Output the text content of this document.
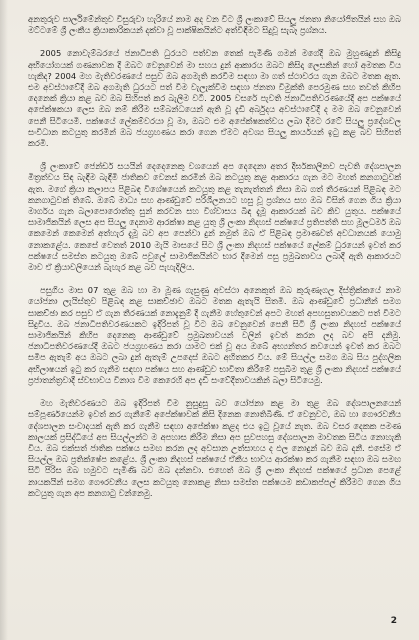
අනතුරුව පාර්ලිමේන්තුව විසුරුවා හැරියේ නාම අද වන විට ශ්‍රී ලංකාවේ සියලු ජනතා නියෝජිතයින් සහ ඔබ මට්ටමේ ශ්‍රී ලංකීය ක්‍රියාකාරිකයන් දක්වා වූ පාක්ෂිකයින්ට අත්විඳීමට සිදුවූ සැබෑ ප්‍රශ්නය.

2005 නොවැම්බරයේ ජනාධිපති ධුරයට පත්වන තෙක් පැමිණි ගමන් මගේදී ඔබ මුහුණදුන් කිසිදු අභියෝගයක් ගණනාවක දී ඔබට වෙනුවෙන් මා සහය දුන් ආකාරය ඔබට කිසිදා ලෙසකින් හෝ අමතක විය හැකිද? 2004 මහ මැතිවරණයේ පසුව ඔබ අගමැති කරවීම සඳහා මා ගත් ස්ථාවරය ගැන ඔබට මතක ඇත. එම අවස්ථාවේදී ඔබ අගමැති ධුරයට පත් විම වැලැක්වීම සඳහා ජනතා විමුක්ති පෙරමුණ සහ තවත් කිහිප දෙනෙක් ක්‍රියා කළ බව ඔබ සිහිපත් කර බැලීම වටී. 2005 වසරේ පැවති ජනාධිපතිවරණයේදී අප පක්ෂයේ අපේක්ෂකයා ලෙස ඔබ නම් කිරීම සම්බන්ධයෙන් ඇති වූ දැඩි අර්බුදය අවස්ථාවේදී ද මම ඔබ වෙනුවෙන් පෙනී සිටියෙමි. පක්ෂයේ ලේකම්වරයා වූ මා, ඔබට එම අපේක්ෂකත්වය ලබා දීමට රටේ සියලු ප්‍රදේශවල සංවිධාන කටයුතු කරමින් ඔබ ජයග්‍රහණය කරා ගෙන ඒමට අවශ්‍ය සියලු කාර්යයන් ඉටු කළ බව සිහිපත් කරමි.

ශ්‍රී ලංකාවේ ජෙන්ඩර් සයයින් දෙදෙනෙකු වශයෙන් අප දෙදෙනා අතර දීර්ඝකාලීනව පැවති දේශපාලන මිත්‍රත්වය සිඳ බැඳීම බැඳීමී ජාතිකව වෙනස් කරමින් ඔබ කටයුතු කළ ආකාරය ගැන මට මහත් කනගාටුවක් ඇත. මගේ ක්‍රියා කලාපය පිළිබඳ විශේෂයෙන් කටයුතු කළ තැනැත්තන් නිසා ඔබ ගත් තීරණයන් පිළිබඳ මට කනගාටුවක් තිබේ. ඔබේ මාධ්‍ය සහ ආණ්ඩුවේ පරිශීලනයට හසු වූ ප්‍රශ්නය සහ ඔබ විසින් ගෙන ගිය ක්‍රියා මාර්ගය ගැන බලාපොරොත්තු සුන් කරවන සහ විශ්වාසය බිඳ දැමූ ආකාරයක් බව කිව යුතුය. පක්ෂයේ සාමාජිකයින් ලෙස අප සියලු දෙනාම ආරක්ෂා කළ යුතු ශ්‍රී ලංකා නිදහස් පක්ෂයේ ප්‍රතිපත්ති සහ මූලධර්ම ඔබ කෙමෙන් කෙමෙන් අත්හැර දැමූ බව අප පෙන්වා දුන් නමුත් ඔබ ඒ පිළිබඳ ප්‍රමාණවත් අවධානයක් යොමු නොකළේය. කෙසේ වෙතත් 2010 මැයි මාසයේ සිට ශ්‍රී ලංකා නිදහස් පක්ෂයේ ලේකම් ධුරයෙන් ඉවත් කර පක්ෂයේ සමස්ත කටයුතු ඔබේ පවුලේ සාමාජිකයින්ට භාර දීමෙන් පසු ප්‍රමුඛතාවය ලබාදී ඇති ආකාරයට මාව ඒ ක්‍රියාවලියෙන් බැහැර කළ බව පැහැදිලිය.

පසුගිය මාස 07 තුළ ඔබ හා මා මූණ ගැසුණු අවස්ථා අනෙකුත් ඔබ කුරුණෑගල දිස්ත්‍රික්කයේ නාම යෝජනා ලැයිස්තුව පිළිබඳ කළ සාකච්ඡාව ඔබට මතක ඇතැයි සිතමි. ඔබ ආණ්ඩුවේ ප්‍රධානීන් සමග සාකච්ඡා කර පසුව ඒ ගැන තීරණයක් නොදැනුම් දී ගැනීම හේතුවෙන් අපට මහත් අපහසුතාවයකට පත් වීමට සිදුවිය. ඔබ ජනාධිපතිවරණයකට ඉදිරිපත් වූ විට ඔබ වෙනුවෙන් පෙනී සිටි ශ්‍රී ලංකා නිදහස් පක්ෂයේ සාමාජිකයින් කිහිප දෙනෙකු ආණ්ඩුවේ ප්‍රමුඛතාවයන් වලින් ඉවත් කරන ලද බව අපි දනිමු. ජනාධිපතිවරණයේදී ඔබට ජයග්‍රහණය කරා යාමට එක් වූ අය ඔබේ අභ්‍යන්තර කවයෙන් ඉවත් කර ඔබට සමීප ඇතැම් අය ඔබට ලබා දුන් ඇතැම් උපදෙස් ඔබට අහිතකර විය. මේ සියල්ල සමග ඔබ සිය පුද්ගලික අභිලාෂයන් ඉටු කර ගැනීම සඳහා පක්ෂය සහ ආණ්ඩුව භාවිතා කිරීමේ පසුබිම තුළ ශ්‍රී ලංකා නිදහස් පක්ෂයේ ප්‍රජාතන්ත්‍රවාදී ස්වභාවය විනාශ වීම කෙරෙහි අප දැඩි සංවේදීතාවයකින් බලා සිටියෙමු.

මහ මැතිවරණයට ඔබ ඉදිරිපත් වීම නුසුදුසු බව යෝජනා කළ මා තුළ ඔබ දේශපාලනයෙන් සම්පූර්ණයෙන්ම ඉවත් කර ගැනීමේ අපේක්ෂාවක් කිසි දිනෙක නොතිබිණි. ඒ වෙනුවට, ඔබ හා ගෞරවනීය දේශපාලන සංවාදයක් ඇති කර ගැනීම සඳහා අපේක්ෂා කළද එය ඉටු වූයේ නැත. ඔබ වසර දෙකක පමණ කාලයක් ප්‍රසිද්ධියේ අප සියල්ලන්ට ම අපහාස කිරීම නිසා අප සුවපහසු දේශපාලන මාවතක සිටිය නොහැකි විය. ඔබ එක්සත් ජාතික පක්ෂය සමඟ කරන ලද අවසාන උත්සාහය ද ඵල නොදුන් බව ඔබ දනී. එසේම ඒ සියල්ල ඔබ ප්‍රතික්ෂේප කළේය. ශ්‍රී ලංකා නිදහස් පක්ෂයේ ඒකීය භාවය ආරක්ෂා කර ගැනීම සඳහා ඔබ සමඟ සිටි පිරිස ඔබ හමුවට පැමිණි බව ඔබ දන්නවා. එහෙත් ඔබ ශ්‍රී ලංකා නිදහස් පක්ෂයේ ප්‍රධාන පෙළේ නායකයින් සමග ගෞරවනීය ලෙස කටයුතු නොකළ නිසා සමස්ත පක්ෂයම කඩාකප්පල් කිරීමට ගෙන ගිය කටයුතු ගැන අප කනගාටු වන්නෙමු.

2
